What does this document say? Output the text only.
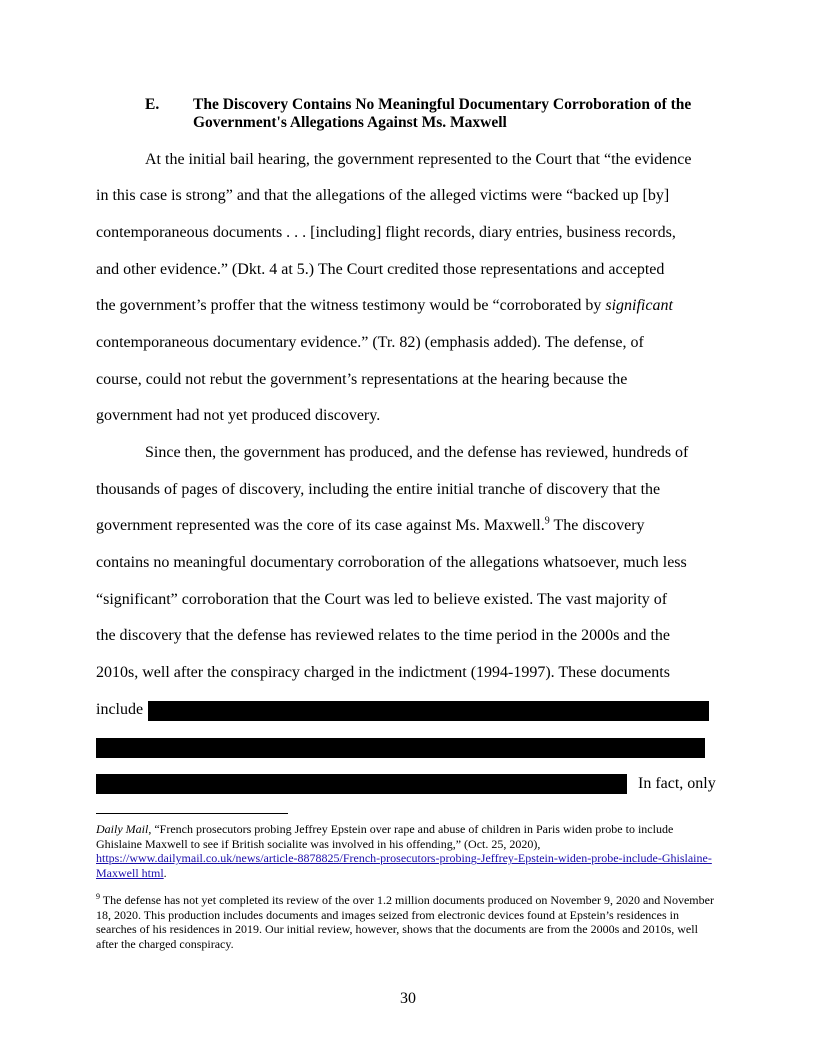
E. The Discovery Contains No Meaningful Documentary Corroboration of the Government's Allegations Against Ms. Maxwell
At the initial bail hearing, the government represented to the Court that “the evidence
in this case is strong” and that the allegations of the alleged victims were “backed up [by]
contemporaneous documents . . . [including] flight records, diary entries, business records,
and other evidence.” (Dkt. 4 at 5.) The Court credited those representations and accepted
the government’s proffer that the witness testimony would be “corroborated by significant
contemporaneous documentary evidence.” (Tr. 82) (emphasis added). The defense, of
course, could not rebut the government’s representations at the hearing because the
government had not yet produced discovery.
Since then, the government has produced, and the defense has reviewed, hundreds of
thousands of pages of discovery, including the entire initial tranche of discovery that the
government represented was the core of its case against Ms. Maxwell.$^9$ The discovery
contains no meaningful documentary corroboration of the allegations whatsoever, much less
“significant” corroboration that the Court was led to believe existed. The vast majority of
the discovery that the defense has reviewed relates to the time period in the 2000s and the
2010s, well after the conspiracy charged in the indictment (1994-1997). These documents
include
In fact, only
Daily Mail, “French prosecutors probing Jeffrey Epstein over rape and abuse of children in Paris widen probe to include Ghislaine Maxwell to see if British socialite was involved in his offending,” (Oct. 25, 2020), https://www.dailymail.co.uk/news/article-8878825/French-prosecutors-probing-Jeffrey-Epstein-widen-probe-include-Ghislaine-Maxwell html.
$^9$ The defense has not yet completed its review of the over 1.2 million documents produced on November 9, 2020 and November 18, 2020. This production includes documents and images seized from electronic devices found at Epstein’s residences in searches of his residences in 2019. Our initial review, however, shows that the documents are from the 2000s and 2010s, well after the charged conspiracy.
30
